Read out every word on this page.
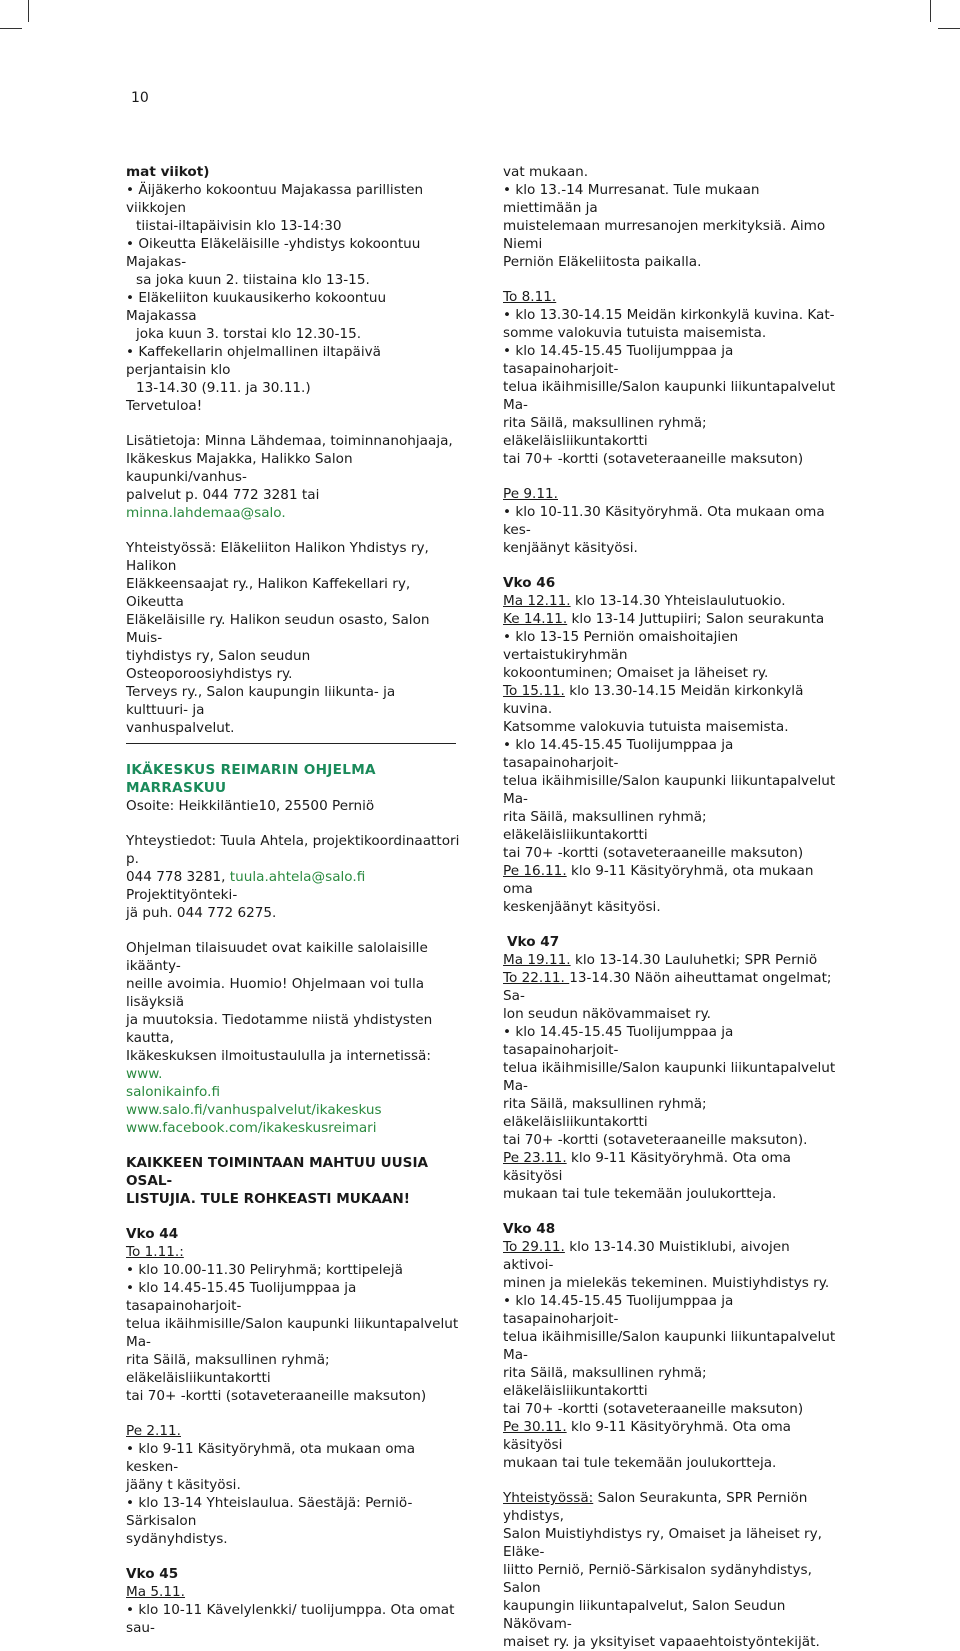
10

mat viikot)

• Äijäkerho kokoontuu Majakassa parillisten viikkojen

tiistai-iltapäivisin klo 13-14:30

• Oikeutta Eläkeläisille -yhdistys kokoontuu Majakas-

sa joka kuun 2. tiistaina klo 13-15.

• Eläkeliiton kuukausikerho kokoontuu Majakassa

joka kuun 3. torstai klo 12.30-15.

• Kaffekellarin ohjelmallinen iltapäivä perjantaisin klo

13-14.30 (9.11. ja 30.11.)

Tervetuloa!

Lisätietoja: Minna Lähdemaa, toiminnanohjaaja,

Ikäkeskus Majakka, Halikko Salon kaupunki/vanhus-

palvelut p. 044 772 3281 tai minna.lahdemaa@salo.

Yhteistyössä: Eläkeliiton Halikon Yhdistys ry, Halikon

Eläkkeensaajat ry., Halikon Kaffekellari ry, Oikeutta

Eläkeläisille ry. Halikon seudun osasto, Salon Muis-

tiyhdistys ry, Salon seudun Osteoporoosiyhdistys ry.

Terveys ry., Salon kaupungin liikunta- ja kulttuuri- ja

vanhuspalvelut.

IKÄKESKUS REIMARIN OHJELMA

MARRASKUU

Osoite: Heikkiläntie10, 25500 Perniö

Yhteystiedot: Tuula Ahtela, projektikoordinaattori p.

044 778 3281, tuula.ahtela@salo.fi Projektityönteki-

jä puh. 044 772 6275.

Ohjelman tilaisuudet ovat kaikille salolaisille ikäänty-

neille avoimia. Huomio! Ohjelmaan voi tulla lisäyksiä

ja muutoksia. Tiedotamme niistä yhdistysten kautta,

Ikäkeskuksen ilmoitustaululla ja internetissä: www.

salonikainfo.fi www.salo.fi/vanhuspalvelut/ikakeskus

www.facebook.com/ikakeskusreimari

KAIKKEEN TOIMINTAAN MAHTUU UUSIA OSAL-

LISTUJIA. TULE ROHKEASTI MUKAAN!

Vko 44

To 1.11.:

• klo 10.00-11.30 Peliryhmä; korttipelejä

• klo 14.45-15.45 Tuolijumppaa ja tasapainoharjoit-

telua ikäihmisille/Salon kaupunki liikuntapalvelut Ma-

rita Säilä, maksullinen ryhmä; eläkeläisliikuntakortti

tai 70+ -kortti (sotaveteraaneille maksuton)

Pe 2.11.

• klo 9-11 Käsityöryhmä, ota mukaan oma kesken-

jääny t käsityösi.

• klo 13-14 Yhteislaulua. Säestäjä: Perniö-Särkisalon

sydänyhdistys.

Vko 45

Ma 5.11.

• klo 10-11 Kävelylenkki/ tuolijumppa. Ota omat sau-

vat mukaan.

• klo 13.-14 Murresanat. Tule mukaan miettimään ja

muistelemaan murresanojen merkityksiä. Aimo Niemi

Perniön Eläkeliitosta paikalla.

To 8.11.

• klo 13.30-14.15 Meidän kirkonkylä kuvina. Kat-

somme valokuvia tutuista maisemista.

• klo 14.45-15.45 Tuolijumppaa ja tasapainoharjoit-

telua ikäihmisille/Salon kaupunki liikuntapalvelut Ma-

rita Säilä, maksullinen ryhmä; eläkeläisliikuntakortti

tai 70+ -kortti (sotaveteraaneille maksuton)

Pe 9.11.

• klo 10-11.30 Käsityöryhmä. Ota mukaan oma kes-

kenjäänyt käsityösi.

Vko 46

Ma 12.11. klo 13-14.30 Yhteislaulutuokio.

Ke 14.11. klo 13-14 Juttupiiri; Salon seurakunta

• klo 13-15 Perniön omaishoitajien vertaistukiryhmän

kokoontuminen; Omaiset ja läheiset ry.

To 15.11. klo 13.30-14.15 Meidän kirkonkylä kuvina.

Katsomme valokuvia tutuista maisemista.

• klo 14.45-15.45 Tuolijumppaa ja tasapainoharjoit-

telua ikäihmisille/Salon kaupunki liikuntapalvelut Ma-

rita Säilä, maksullinen ryhmä; eläkeläisliikuntakortti

tai 70+ -kortti (sotaveteraaneille maksuton)

Pe 16.11. klo 9-11 Käsityöryhmä, ota mukaan oma

keskenjäänyt käsityösi.

Vko 47

Ma 19.11. klo 13-14.30 Lauluhetki; SPR Perniö

To 22.11. 13-14.30 Näön aiheuttamat ongelmat; Sa-

lon seudun näkövammaiset ry.

• klo 14.45-15.45 Tuolijumppaa ja tasapainoharjoit-

telua ikäihmisille/Salon kaupunki liikuntapalvelut Ma-

rita Säilä, maksullinen ryhmä; eläkeläisliikuntakortti

tai 70+ -kortti (sotaveteraaneille maksuton).

Pe 23.11. klo 9-11 Käsityöryhmä. Ota oma käsityösi

mukaan tai tule tekemään joulukortteja.

Vko 48

To 29.11. klo 13-14.30 Muistiklubi, aivojen aktivoi-

minen ja mielekäs tekeminen. Muistiyhdistys ry.

• klo 14.45-15.45 Tuolijumppaa ja tasapainoharjoit-

telua ikäihmisille/Salon kaupunki liikuntapalvelut Ma-

rita Säilä, maksullinen ryhmä; eläkeläisliikuntakortti

tai 70+ -kortti (sotaveteraaneille maksuton)

Pe 30.11. klo 9-11 Käsityöryhmä. Ota oma käsityösi

mukaan tai tule tekemään joulukortteja.

Yhteistyössä: Salon Seurakunta, SPR Perniön yhdistys,

Salon Muistiyhdistys ry, Omaiset ja läheiset ry, Eläke-

liitto Perniö, Perniö-Särkisalon sydänyhdistys, Salon

kaupungin liikuntapalvelut, Salon Seudun Näkövam-

maiset ry. ja yksityiset vapaaehtoistyöntekijät.
